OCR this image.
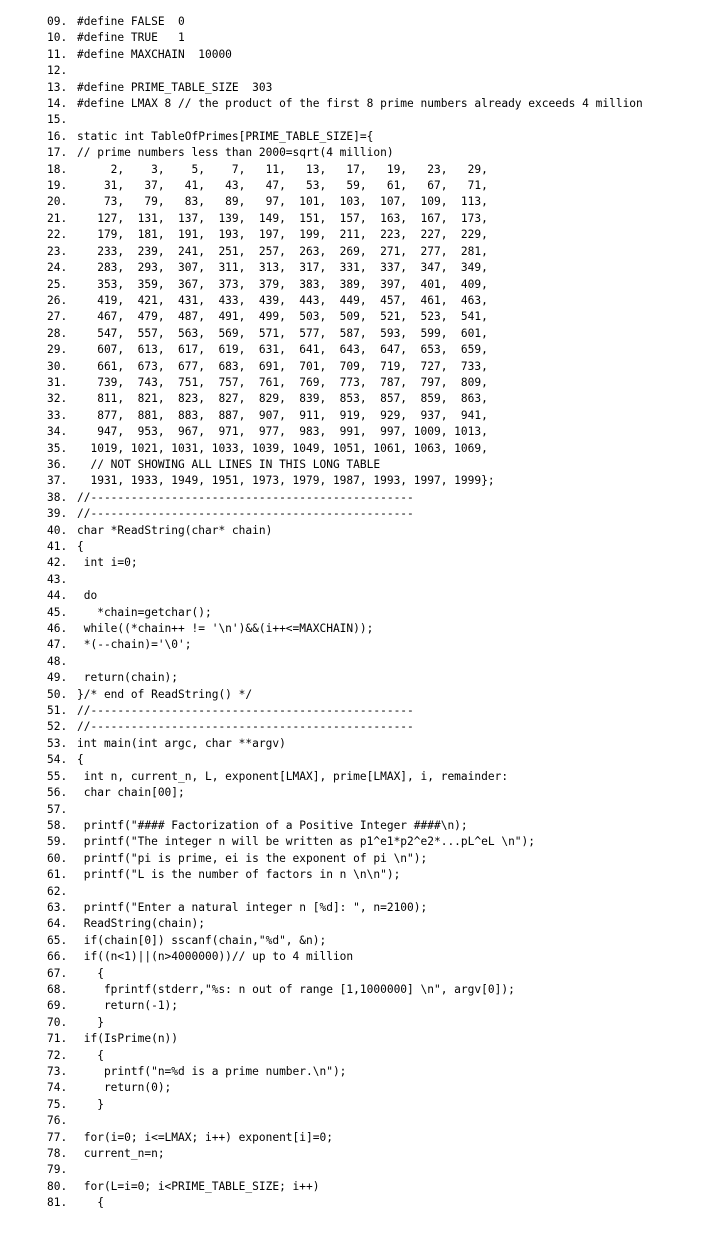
09. #define FALSE  0
10. #define TRUE   1
11. #define MAXCHAIN  10000
12.
13. #define PRIME_TABLE_SIZE  303
14. #define LMAX 8 // the product of the first 8 prime numbers already exceeds 4 million
15.
16. static int TableOfPrimes[PRIME_TABLE_SIZE]={
17. // prime numbers less than 2000=sqrt(4 million)
18. 2,    3,    5,    7,   11,   13,   17,   19,   23,   29,
19. 31,   37,   41,   43,   47,   53,   59,   61,   67,   71,
20. 73,   79,   83,   89,   97,  101,  103,  107,  109,  113,
21. 127,  131,  137,  139,  149,  151,  157,  163,  167,  173,
22. 179,  181,  191,  193,  197,  199,  211,  223,  227,  229,
23. 233,  239,  241,  251,  257,  263,  269,  271,  277,  281,
24. 283,  293,  307,  311,  313,  317,  331,  337,  347,  349,
25. 353,  359,  367,  373,  379,  383,  389,  397,  401,  409,
26. 419,  421,  431,  433,  439,  443,  449,  457,  461,  463,
27. 467,  479,  487,  491,  499,  503,  509,  521,  523,  541,
28. 547,  557,  563,  569,  571,  577,  587,  593,  599,  601,
29. 607,  613,  617,  619,  631,  641,  643,  647,  653,  659,
30. 661,  673,  677,  683,  691,  701,  709,  719,  727,  733,
31. 739,  743,  751,  757,  761,  769,  773,  787,  797,  809,
32. 811,  821,  823,  827,  829,  839,  853,  857,  859,  863,
33. 877,  881,  883,  887,  907,  911,  919,  929,  937,  941,
34. 947,  953,  967,  971,  977,  983,  991,  997, 1009, 1013,
35. 1019, 1021, 1031, 1033, 1039, 1049, 1051, 1061, 1063, 1069,
36. // NOT SHOWING ALL LINES IN THIS LONG TABLE
37. 1931, 1933, 1949, 1951, 1973, 1979, 1987, 1993, 1997, 1999};
38. //------------------------------------------------
39. //------------------------------------------------
40. char *ReadString(char* chain)
41. {
42. int i=0;
43.
44. do
45. *chain=getchar();
46. while((*chain++ != '\n')&&(i++<=MAXCHAIN));
47. *(--chain)='\0';
48.
49. return(chain);
50. }/* end of ReadString() */
51. //------------------------------------------------
52. //------------------------------------------------
53. int main(int argc, char **argv)
54. {
55. int n, current_n, L, exponent[LMAX], prime[LMAX], i, remainder:
56. char chain[00];
57.
58. printf("#### Factorization of a Positive Integer ####\n);
59. printf("The integer n will be written as p1^e1*p2^e2*...pL^eL \n");
60. printf("pi is prime, ei is the exponent of pi \n");
61. printf("L is the number of factors in n \n\n");
62.
63. printf("Enter a natural integer n [%d]: ", n=2100);
64. ReadString(chain);
65. if(chain[0]) sscanf(chain,"%d", &n);
66. if((n<1)||(n>4000000))// up to 4 million
67. {
68. fprintf(stderr,"%s: n out of range [1,1000000] \n", argv[0]);
69. return(-1);
70. }
71. if(IsPrime(n))
72. {
73. printf("n=%d is a prime number.\n");
74. return(0);
75. }
76.
77. for(i=0; i<=LMAX; i++) exponent[i]=0;
78. current_n=n;
79.
80. for(L=i=0; i<PRIME_TABLE_SIZE; i++)
81. {
